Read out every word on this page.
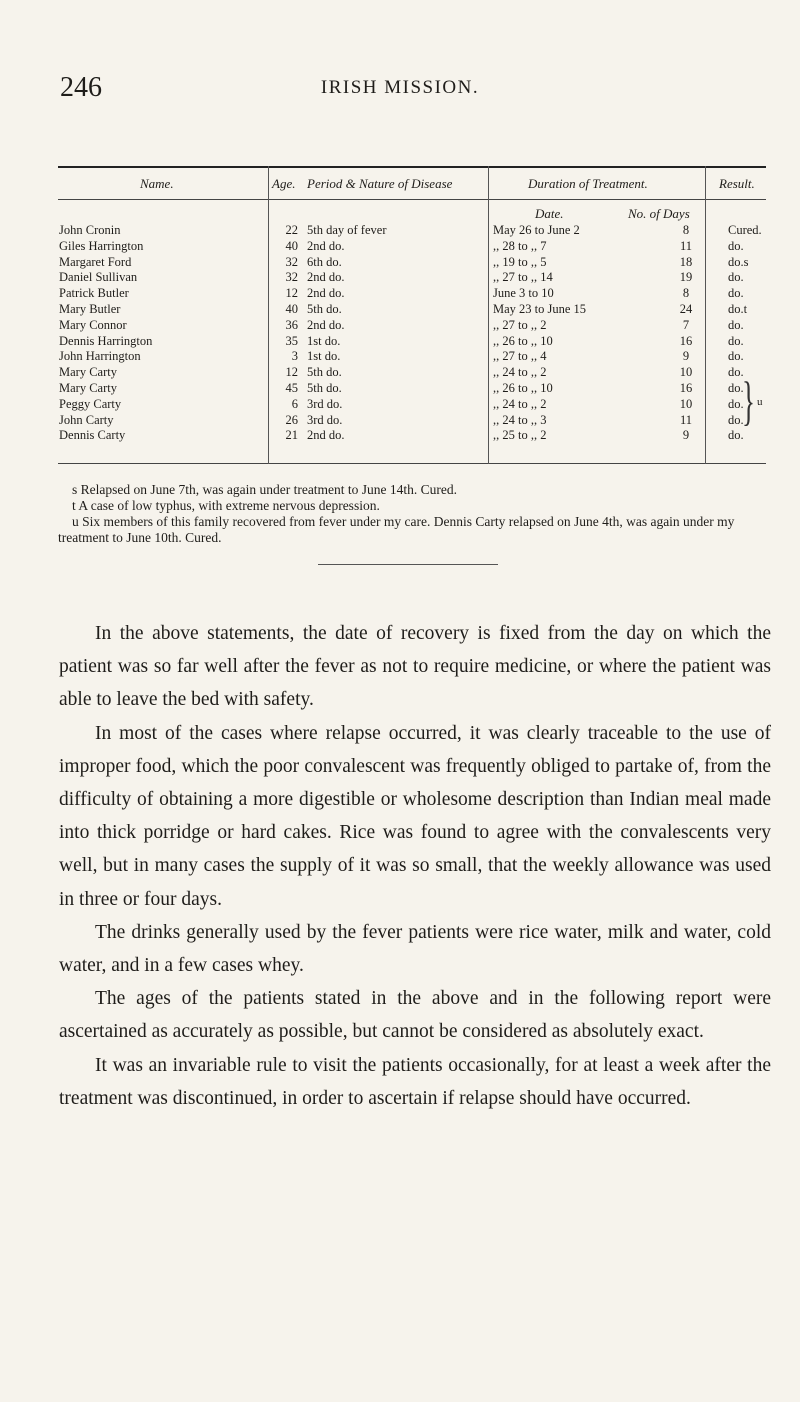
246	IRISH MISSION.
Name.	Age. Period & Nature of Disease	Duration of Treatment.	Result.
Date.	No. of Days
John Cronin	22 5th day of fever	May 26 to June 2	8	Cured.
Giles Harrington	40 2nd do.	,, 28 to ,, 7	11	do.
Margaret Ford	32 6th do.	,, 19 to ,, 5	18	do.s
Daniel Sullivan	32 2nd do.	,, 27 to ,, 14	19	do.
Patrick Butler	12 2nd do.	June 3 to 10	8	do.
Mary Butler	40 5th do.	May 23 to June 15	24	do.t
Mary Connor	36 2nd do.	,, 27 to ,, 2	7	do.
Dennis Harrington	35 1st do.	,, 26 to ,, 10	16	do.
John Harrington	3 1st do.	,, 27 to ,, 4	9	do.
Mary Carty	12 5th do.	,, 24 to ,, 2	10	do.
Mary Carty	45 5th do.	,, 26 to ,, 10	16	do.
Peggy Carty	6 3rd do.	,, 24 to ,, 2	10	do.
John Carty	26 3rd do.	,, 24 to ,, 3	11	do.
Dennis Carty	21 2nd do.	,, 25 to ,, 2	9	do.
} u
s Relapsed on June 7th, was again under treatment to June 14th. Cured.
t A case of low typhus, with extreme nervous depression.
u Six members of this family recovered from fever under my care. Dennis Carty relapsed on June 4th, was again under my treatment to June 10th. Cured.

In the above statements, the date of recovery is fixed from the day on which the patient was so far well after the fever as not to require medicine, or where the patient was able to leave the bed with safety.

In most of the cases where relapse occurred, it was clearly traceable to the use of improper food, which the poor convalescent was frequently obliged to partake of, from the difficulty of obtaining a more digestible or wholesome description than Indian meal made into thick porridge or hard cakes. Rice was found to agree with the convalescents very well, but in many cases the supply of it was so small, that the weekly allowance was used in three or four days.

The drinks generally used by the fever patients were rice water, milk and water, cold water, and in a few cases whey.

The ages of the patients stated in the above and in the following report were ascertained as accurately as possible, but cannot be considered as absolutely exact.

It was an invariable rule to visit the patients occasionally, for at least a week after the treatment was discontinued, in order to ascertain if relapse should have occurred.
